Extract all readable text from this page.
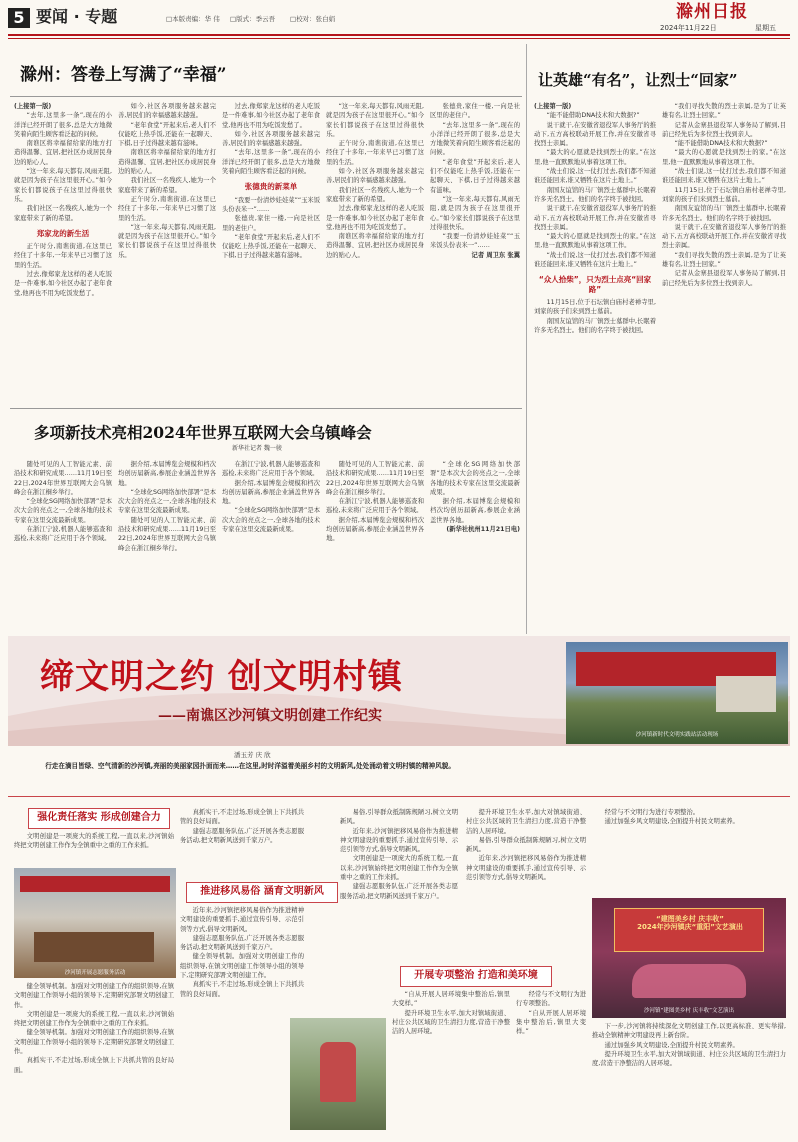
5 要闻 · 专题	□本版责编：华 伟 □版式：季云吾 □校对：张白娟	滁州日报
2024年11月22日	星期五
滁州：答卷上写满了“幸福”
(上接第一版)

“去年,这里多一条”,现在的小洋洋已经开朗了很多,总是大方地微笑着向陌生顾客看泛起的问候。

南谯区将幸福留给家的地方打造得温馨、宜居,把社区办成居民身边的贴心人。

“这一年来,每天都有,风雨无阻,就是因为孩子在这里很开心。”如今家长们都说孩子在这里过得很快乐。

我们社区一名残疾人,她为一个家庭带来了新的希望。

郑家龙的新生活

正午时分,南谯街道,在这里已经住了十多年,一年来早已习惯了这里的生活。

过去,像郑家龙这样的老人吃饭是一件难事,如今社区办起了老年食堂,他再也不用为吃饭发愁了。

如今,社区各项服务越来越完善,居民们的幸福感越来越强。

“老年食堂”开起来后,老人们不仅能吃上热乎饭,还能在一起聊天、下棋,日子过得越来越有滋味。

南谯区将幸福留给家的地方打造得温馨、宜居,把社区办成居民身边的贴心人。

我们社区一名残疾人,她为一个家庭带来了新的希望。

正午时分,南谯街道,在这里已经住了十多年,一年来早已习惯了这里的生活。

“这一年来,每天都有,风雨无阻,就是因为孩子在这里很开心。”如今家长们都说孩子在这里过得很快乐。

过去,像郑家龙这样的老人吃饭是一件难事,如今社区办起了老年食堂,他再也不用为吃饭发愁了。

如今,社区各项服务越来越完善,居民们的幸福感越来越强。

“去年,这里多一条”,现在的小洋洋已经开朗了很多,总是大方地微笑着向陌生顾客看泛起的问候。

张德贵的新菜单

“我要一份清炒娃娃菜”“玉米饭头份表米一”……

张德贵,家住一楼,一向是社区里的老住户。

“老年食堂”开起来后,老人们不仅能吃上热乎饭,还能在一起聊天、下棋,日子过得越来越有滋味。

“这一年来,每天都有,风雨无阻,就是因为孩子在这里很开心。”如今家长们都说孩子在这里过得很快乐。

正午时分,南谯街道,在这里已经住了十多年,一年来早已习惯了这里的生活。

如今,社区各项服务越来越完善,居民们的幸福感越来越强。

我们社区一名残疾人,她为一个家庭带来了新的希望。

过去,像郑家龙这样的老人吃饭是一件难事,如今社区办起了老年食堂,他再也不用为吃饭发愁了。

南谯区将幸福留给家的地方打造得温馨、宜居,把社区办成居民身边的贴心人。

张德贵,家住一楼,一向是社区里的老住户。

“去年,这里多一条”,现在的小洋洋已经开朗了很多,总是大方地微笑着向陌生顾客看泛起的问候。

“老年食堂”开起来后,老人们不仅能吃上热乎饭,还能在一起聊天、下棋,日子过得越来越有滋味。

“这一年来,每天都有,风雨无阻,就是因为孩子在这里很开心。”如今家长们都说孩子在这里过得很快乐。

“我要一份清炒娃娃菜”“玉米饭头份表米一”……

记者 周卫东 张翼
多项新技术亮相2024年世界互联网大会乌镇峰会
新华社记者 魏一骏

随处可见的人工智能元素、前沿技术和研究成果……11月19日至22日,2024年世界互联网大会乌镇峰会在浙江桐乡举行。

“全球化SG网络加快部署”是本次大会的亮点之一,全球各地的技术专家在这里交流最新成果。

在浙江宁波,机器人能够巡查和巡检,未来将广泛应用于各个领域。

据介绍,本届博览会规模和档次均创历届新高,参展企业涵盖世界各地。

“全球化SG网络加快部署”是本次大会的亮点之一,全球各地的技术专家在这里交流最新成果。

随处可见的人工智能元素、前沿技术和研究成果……11月19日至22日,2024年世界互联网大会乌镇峰会在浙江桐乡举行。

在浙江宁波,机器人能够巡查和巡检,未来将广泛应用于各个领域。

据介绍,本届博览会规模和档次均创历届新高,参展企业涵盖世界各地。

“全球化SG网络加快部署”是本次大会的亮点之一,全球各地的技术专家在这里交流最新成果。

随处可见的人工智能元素、前沿技术和研究成果……11月19日至22日,2024年世界互联网大会乌镇峰会在浙江桐乡举行。

在浙江宁波,机器人能够巡查和巡检,未来将广泛应用于各个领域。

据介绍,本届博览会规模和档次均创历届新高,参展企业涵盖世界各地。

“全球化SG网络加快部署”是本次大会的亮点之一,全球各地的技术专家在这里交流最新成果。

据介绍,本届博览会规模和档次均创历届新高,参展企业涵盖世界各地。

(新华社杭州11月21日电)
让英雄“有名”，让烈士“回家”
(上接第一版)

“能不能借助DNA技术和大数据?”

说干就干,在安徽省退役军人事务厅的推动下,五方高校联动开展工作,并在安徽省寻找烈士亲属。

“最大的心愿就是找到烈士的家。”在这里,他一直默默地从事着这项工作。

“战士们说,这一仗打过去,我们都不知道谁还能回来,谁又牺牲在这片土地上。”

南国友谊馆的马厂镇烈士墓群中,长眠着许多无名烈士。他们的名字终于被找回。

说干就干,在安徽省退役军人事务厅的推动下,五方高校联动开展工作,并在安徽省寻找烈士亲属。

“最大的心愿就是找到烈士的家。”在这里,他一直默默地从事着这项工作。

“战士们说,这一仗打过去,我们都不知道谁还能回来,谁又牺牲在这片土地上。”

“众人拾柴”，只为烈士点亮“回家路”

11月15日,位于石坛镇白庙村老禅寺里,刘家的孩子们来到烈士墓前。

南国友谊馆的马厂镇烈士墓群中,长眠着许多无名烈士。他们的名字终于被找回。

“我们寻找失散的烈士亲属,是为了让英雄有名,让烈士回家。”

记者从金寨县退役军人事务局了解到,目前已经先后为多位烈士找到亲人。

“能不能借助DNA技术和大数据?”

“最大的心愿就是找到烈士的家。”在这里,他一直默默地从事着这项工作。

“战士们说,这一仗打过去,我们都不知道谁还能回来,谁又牺牲在这片土地上。”

11月15日,位于石坛镇白庙村老禅寺里,刘家的孩子们来到烈士墓前。

南国友谊馆的马厂镇烈士墓群中,长眠着许多无名烈士。他们的名字终于被找回。

说干就干,在安徽省退役军人事务厅的推动下,五方高校联动开展工作,并在安徽省寻找烈士亲属。

“我们寻找失散的烈士亲属,是为了让英雄有名,让烈士回家。”

记者从金寨县退役军人事务局了解到,目前已经先后为多位烈士找到亲人。

缔文明之约 创文明村镇
——南谯区沙河镇文明创建工作纪实
沙河镇新时代文明实践站活动现场
潘玉芳 庆 欣

行走在滴目皆绿、空气清新的沙河镇,亮丽的美丽家园扑面而来……在这里,时时洋溢着美丽乡村的文明新风,处处涌动着文明村镇的精神风貌。

强化责任落实 形成创建合力

文明创建是一项庞大的系统工程,一直以来,沙河镇始终把文明创建工作作为全镇重中之重的工作来抓。

沙河镇开展志愿服务活动

健全领导机制。加强对文明创建工作的组织领导,在镇文明创建工作领导小组的领导下,定期研究部署文明创建工作。

文明创建是一项庞大的系统工程,一直以来,沙河镇始终把文明创建工作作为全镇重中之重的工作来抓。

健全领导机制。加强对文明创建工作的组织领导,在镇文明创建工作领导小组的领导下,定期研究部署文明创建工作。

真抓实干,不走过场,形成全镇上下共抓共管的良好局面。

真抓实干,不走过场,形成全镇上下共抓共管的良好局面。

建强志愿服务队伍,广泛开展各类志愿服务活动,把文明新风送到千家万户。

推进移风易俗 涵育文明新风

近年来,沙河镇把移风易俗作为推进精神文明建设的重要抓手,通过宣传引导、示范引领等方式,倡导文明新风。

建强志愿服务队伍,广泛开展各类志愿服务活动,把文明新风送到千家万户。

健全领导机制。加强对文明创建工作的组织领导,在镇文明创建工作领导小组的领导下,定期研究部署文明创建工作。

真抓实干,不走过场,形成全镇上下共抓共管的良好局面。

易俗,引导群众抵制陈规陋习,树立文明新风。

近年来,沙河镇把移风易俗作为推进精神文明建设的重要抓手,通过宣传引导、示范引领等方式,倡导文明新风。

文明创建是一项庞大的系统工程,一直以来,沙河镇始终把文明创建工作作为全镇重中之重的工作来抓。

建强志愿服务队伍,广泛开展各类志愿服务活动,把文明新风送到千家万户。

开展专项整治 打造和美环境

“自从开展人居环境集中整治后,镇里大变样。”

提升环境卫生水平,加大对镇域街道、村庄公共区域的卫生清扫力度,营造干净整洁的人居环境。

提升环境卫生水平,加大对镇域街道、村庄公共区域的卫生清扫力度,营造干净整洁的人居环境。

易俗,引导群众抵制陈规陋习,树立文明新风。

近年来,沙河镇把移风易俗作为推进精神文明建设的重要抓手,通过宣传引导、示范引领等方式,倡导文明新风。

经常与不文明行为进行专项整治。

“自从开展人居环境集中整治后,镇里大变样。”

经常与不文明行为进行专项整治。

通过加强乡风文明建设,全面提升村民文明素养。

“建图美乡村 庆丰收”
2024年沙河镇庆“重阳”文艺演出
沙河镇“建图美乡村 庆丰收”文艺演出

下一步,沙河镇将持续深化文明创建工作,以更高标准、更实举措,推动全镇精神文明建设再上新台阶。

通过加强乡风文明建设,全面提升村民文明素养。

提升环境卫生水平,加大对镇域街道、村庄公共区域的卫生清扫力度,营造干净整洁的人居环境。
